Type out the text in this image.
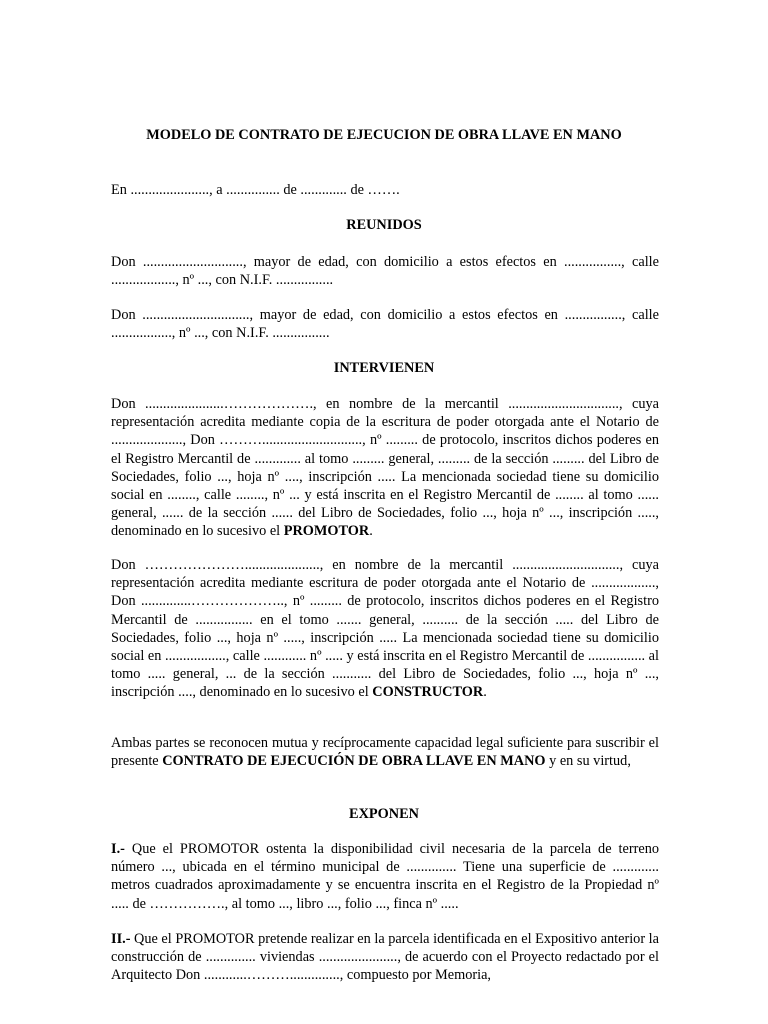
MODELO DE CONTRATO DE EJECUCION DE OBRA LLAVE EN MANO
En ......................, a ............... de ............. de …….
REUNIDOS
Don ............................, mayor de edad, con domicilio a estos efectos en ................, calle .................., nº ..., con N.I.F. ................
Don .............................., mayor de edad, con domicilio a estos efectos en ................, calle ................., nº ..., con N.I.F. ................
INTERVIENEN
Don ......................………………., en nombre de la mercantil ..............................., cuya representación acredita mediante copia de la escritura de poder otorgada ante el Notario de ...................., Don ………............................, nº ......... de protocolo, inscritos dichos poderes en el Registro Mercantil de ............. al tomo ......... general, ......... de la sección ......... del Libro de Sociedades, folio ..., hoja nº ...., inscripción ..... La mencionada sociedad tiene su domicilio social en ........, calle ........, nº ... y está inscrita en el Registro Mercantil de ........ al tomo ...... general, ...... de la sección ...... del Libro de Sociedades, folio ..., hoja nº ..., inscripción ....., denominado en lo sucesivo el PROMOTOR.
Don …………………....................., en nombre de la mercantil .............................., cuya representación acredita mediante escritura de poder otorgada ante el Notario de .................., Don ..............……………….., nº ......... de protocolo, inscritos dichos poderes en el Registro Mercantil de ................ en el tomo ....... general, .......... de la sección ..... del Libro de Sociedades, folio ..., hoja nº ....., inscripción ..... La mencionada sociedad tiene su domicilio social en ................., calle ............ nº ..... y está inscrita en el Registro Mercantil de ................ al tomo ..... general, ... de la sección ........... del Libro de Sociedades, folio ..., hoja nº ..., inscripción ...., denominado en lo sucesivo el CONSTRUCTOR.
Ambas partes se reconocen mutua y recíprocamente capacidad legal suficiente para suscribir el presente CONTRATO DE EJECUCIÓN DE OBRA LLAVE EN MANO y en su virtud,
EXPONEN
I.- Que el PROMOTOR ostenta la disponibilidad civil necesaria de la parcela de terreno número ..., ubicada en el término municipal de .............. Tiene una superficie de ............. metros cuadrados aproximadamente y se encuentra inscrita en el Registro de la Propiedad nº ..... de ……………., al tomo ..., libro ..., folio ..., finca nº .....
II.- Que el PROMOTOR pretende realizar en la parcela identificada en el Expositivo anterior la construcción de .............. viviendas ......................, de acuerdo con el Proyecto redactado por el Arquitecto Don ............……….............., compuesto por Memoria,
